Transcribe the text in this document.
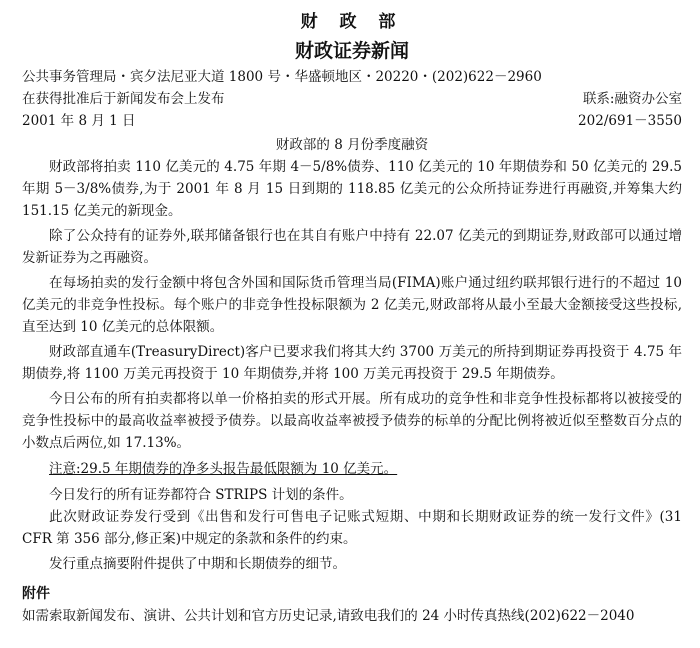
财 政 部
财政证券新闻
公共事务管理局・宾夕法尼亚大道 1800 号・华盛顿地区・20220・(202)622－2960
在获得批准后于新闻发布会上发布	联系:融资办公室
2001 年 8 月 1 日	202/691－3550
财政部的 8 月份季度融资

财政部将拍卖 110 亿美元的 4.75 年期 4－5/8%债券、110 亿美元的 10 年期债券和 50 亿美元的 29.5 年期 5－3/8%债券,为于 2001 年 8 月 15 日到期的 118.85 亿美元的公众所持证券进行再融资,并筹集大约 151.15 亿美元的新现金。

除了公众持有的证券外,联邦储备银行也在其自有账户中持有 22.07 亿美元的到期证券,财政部可以通过增发新证券为之再融资。

在每场拍卖的发行金额中将包含外国和国际货币管理当局(FIMA)账户通过纽约联邦银行进行的不超过 10 亿美元的非竞争性投标。每个账户的非竞争性投标限额为 2 亿美元,财政部将从最小至最大金额接受这些投标,直至达到 10 亿美元的总体限额。

财政部直通车(TreasuryDirect)客户已要求我们将其大约 3700 万美元的所持到期证券再投资于 4.75 年期债券,将 1100 万美元再投资于 10 年期债券,并将 100 万美元再投资于 29.5 年期债券。

今日公布的所有拍卖都将以单一价格拍卖的形式开展。所有成功的竞争性和非竞争性投标都将以被接受的竞争性投标中的最高收益率被授予债券。以最高收益率被授予债券的标单的分配比例将被近似至整数百分点的小数点后两位,如 17.13%。

注意:29.5 年期债券的净多头报告最低限额为 10 亿美元。

今日发行的所有证券都符合 STRIPS 计划的条件。

此次财政证券发行受到《出售和发行可售电子记账式短期、中期和长期财政证券的统一发行文件》(31 CFR 第 356 部分,修正案)中规定的条款和条件的约束。

发行重点摘要附件提供了中期和长期债券的细节。

附件
如需索取新闻发布、演讲、公共计划和官方历史记录,请致电我们的 24 小时传真热线(202)622－2040
